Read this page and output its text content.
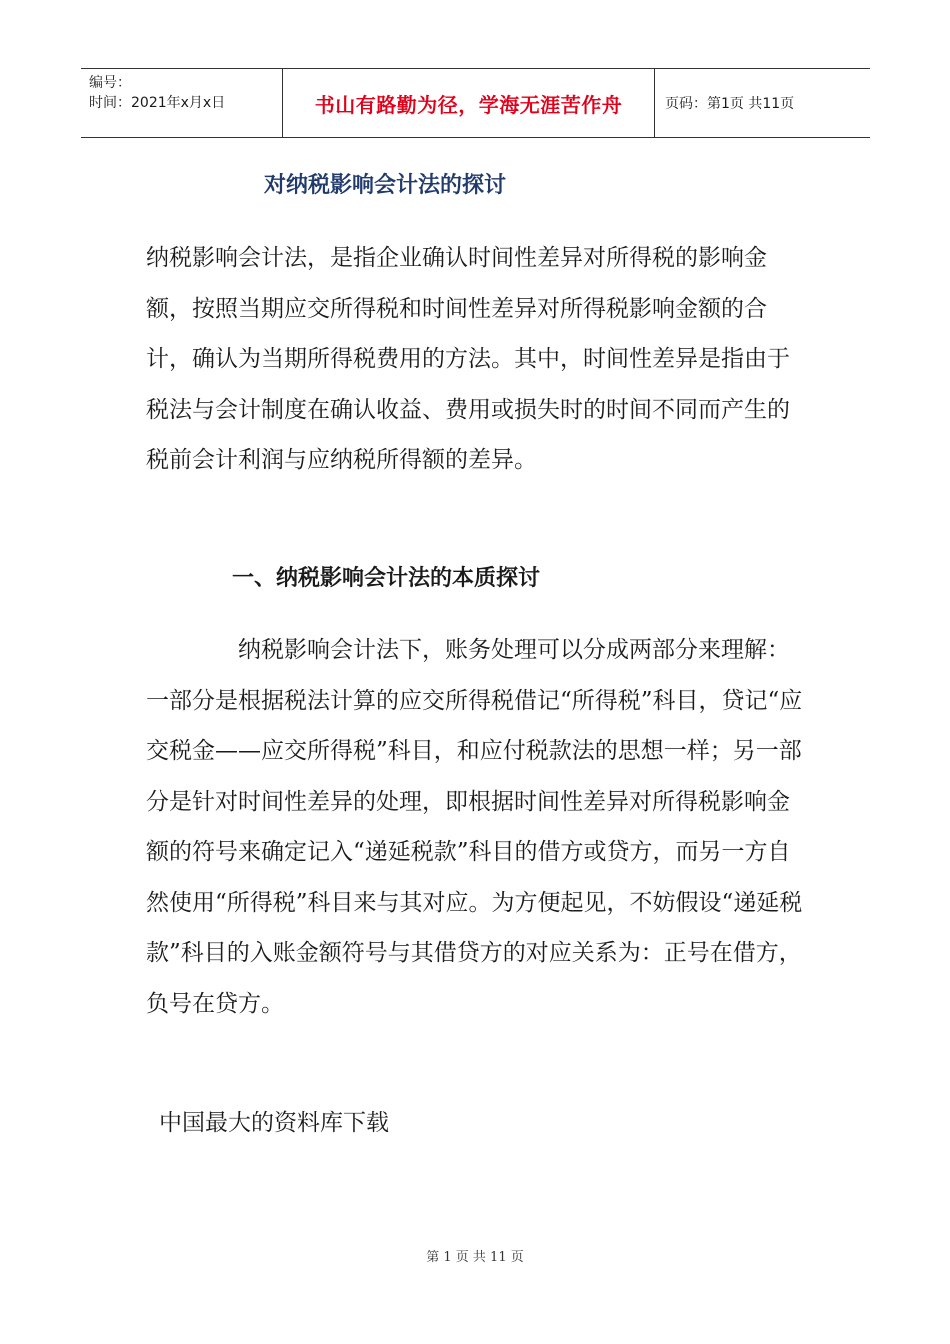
编号：
时间：2021年x月x日	书山有路勤为径，学海无涯苦作舟	页码：第1页 共11页
对纳税影响会计法的探讨
纳税影响会计法，是指企业确认时间性差异对所得税的影响金额，按照当期应交所得税和时间性差异对所得税影响金额的合计，确认为当期所得税费用的方法。其中，时间性差异是指由于税法与会计制度在确认收益、费用或损失时的时间不同而产生的税前会计利润与应纳税所得额的差异。
一、纳税影响会计法的本质探讨
纳税影响会计法下，账务处理可以分成两部分来理解：一部分是根据税法计算的应交所得税借记“所得税”科目，贷记“应交税金——应交所得税”科目，和应付税款法的思想一样；另一部分是针对时间性差异的处理，即根据时间性差异对所得税影响金额的符号来确定记入“递延税款”科目的借方或贷方，而另一方自然使用“所得税”科目来与其对应。为方便起见，不妨假设“递延税款”科目的入账金额符号与其借贷方的对应关系为：正号在借方，负号在贷方。
中国最大的资料库下载
第 1 页 共 11 页
